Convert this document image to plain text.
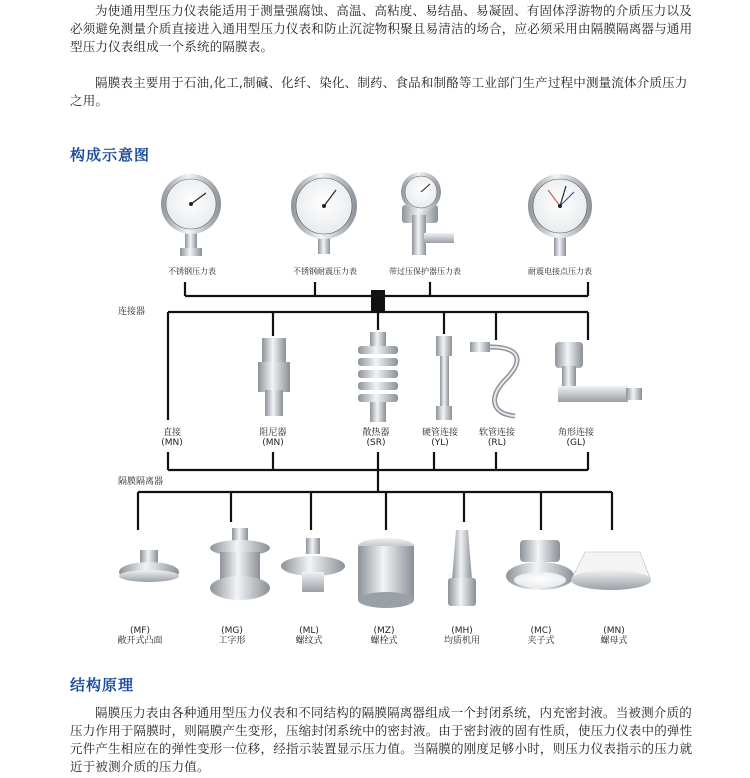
为使通用型压力仪表能适用于测量强腐蚀、高温、高粘度、易结晶、易凝固、有固体浮游物的介质压力以及必须避免测量介质直接进入通用型压力仪表和防止沉淀物积聚且易清洁的场合，应必须采用由隔膜隔离器与通用型压力仪表组成一个系统的隔膜表。

隔膜表主要用于石油,化工,制碱、化纤、染化、制药、食品和制酪等工业部门生产过程中测量流体介质压力之用。

构成示意图
不锈钢压力表	不锈钢耐震压力表	带过压保护器压力表	耐震电接点压力表
连接器
直接
(MN)
阻尼器
(MN)
散热器
(SR)
硬管连接
(YL)
软管连接
(RL)
角形连接
(GL)
隔膜隔离器
(MF)
敞开式凸面
(MG)
工字形
(ML)
螺纹式
(MZ)
螺栓式
(MH)
均质机用
(MC)
夹子式
(MN)
螺母式
结构原理

隔膜压力表由各种通用型压力仪表和不同结构的隔膜隔离器组成一个封闭系统，内充密封液。当被测介质的压力作用于隔膜时，则隔膜产生变形，压缩封闭系统中的密封液。由于密封液的固有性质，使压力仪表中的弹性元件产生相应在的弹性变形一位移，经指示装置显示压力值。当隔膜的刚度足够小时，则压力仪表指示的压力就近于被测介质的压力值。
